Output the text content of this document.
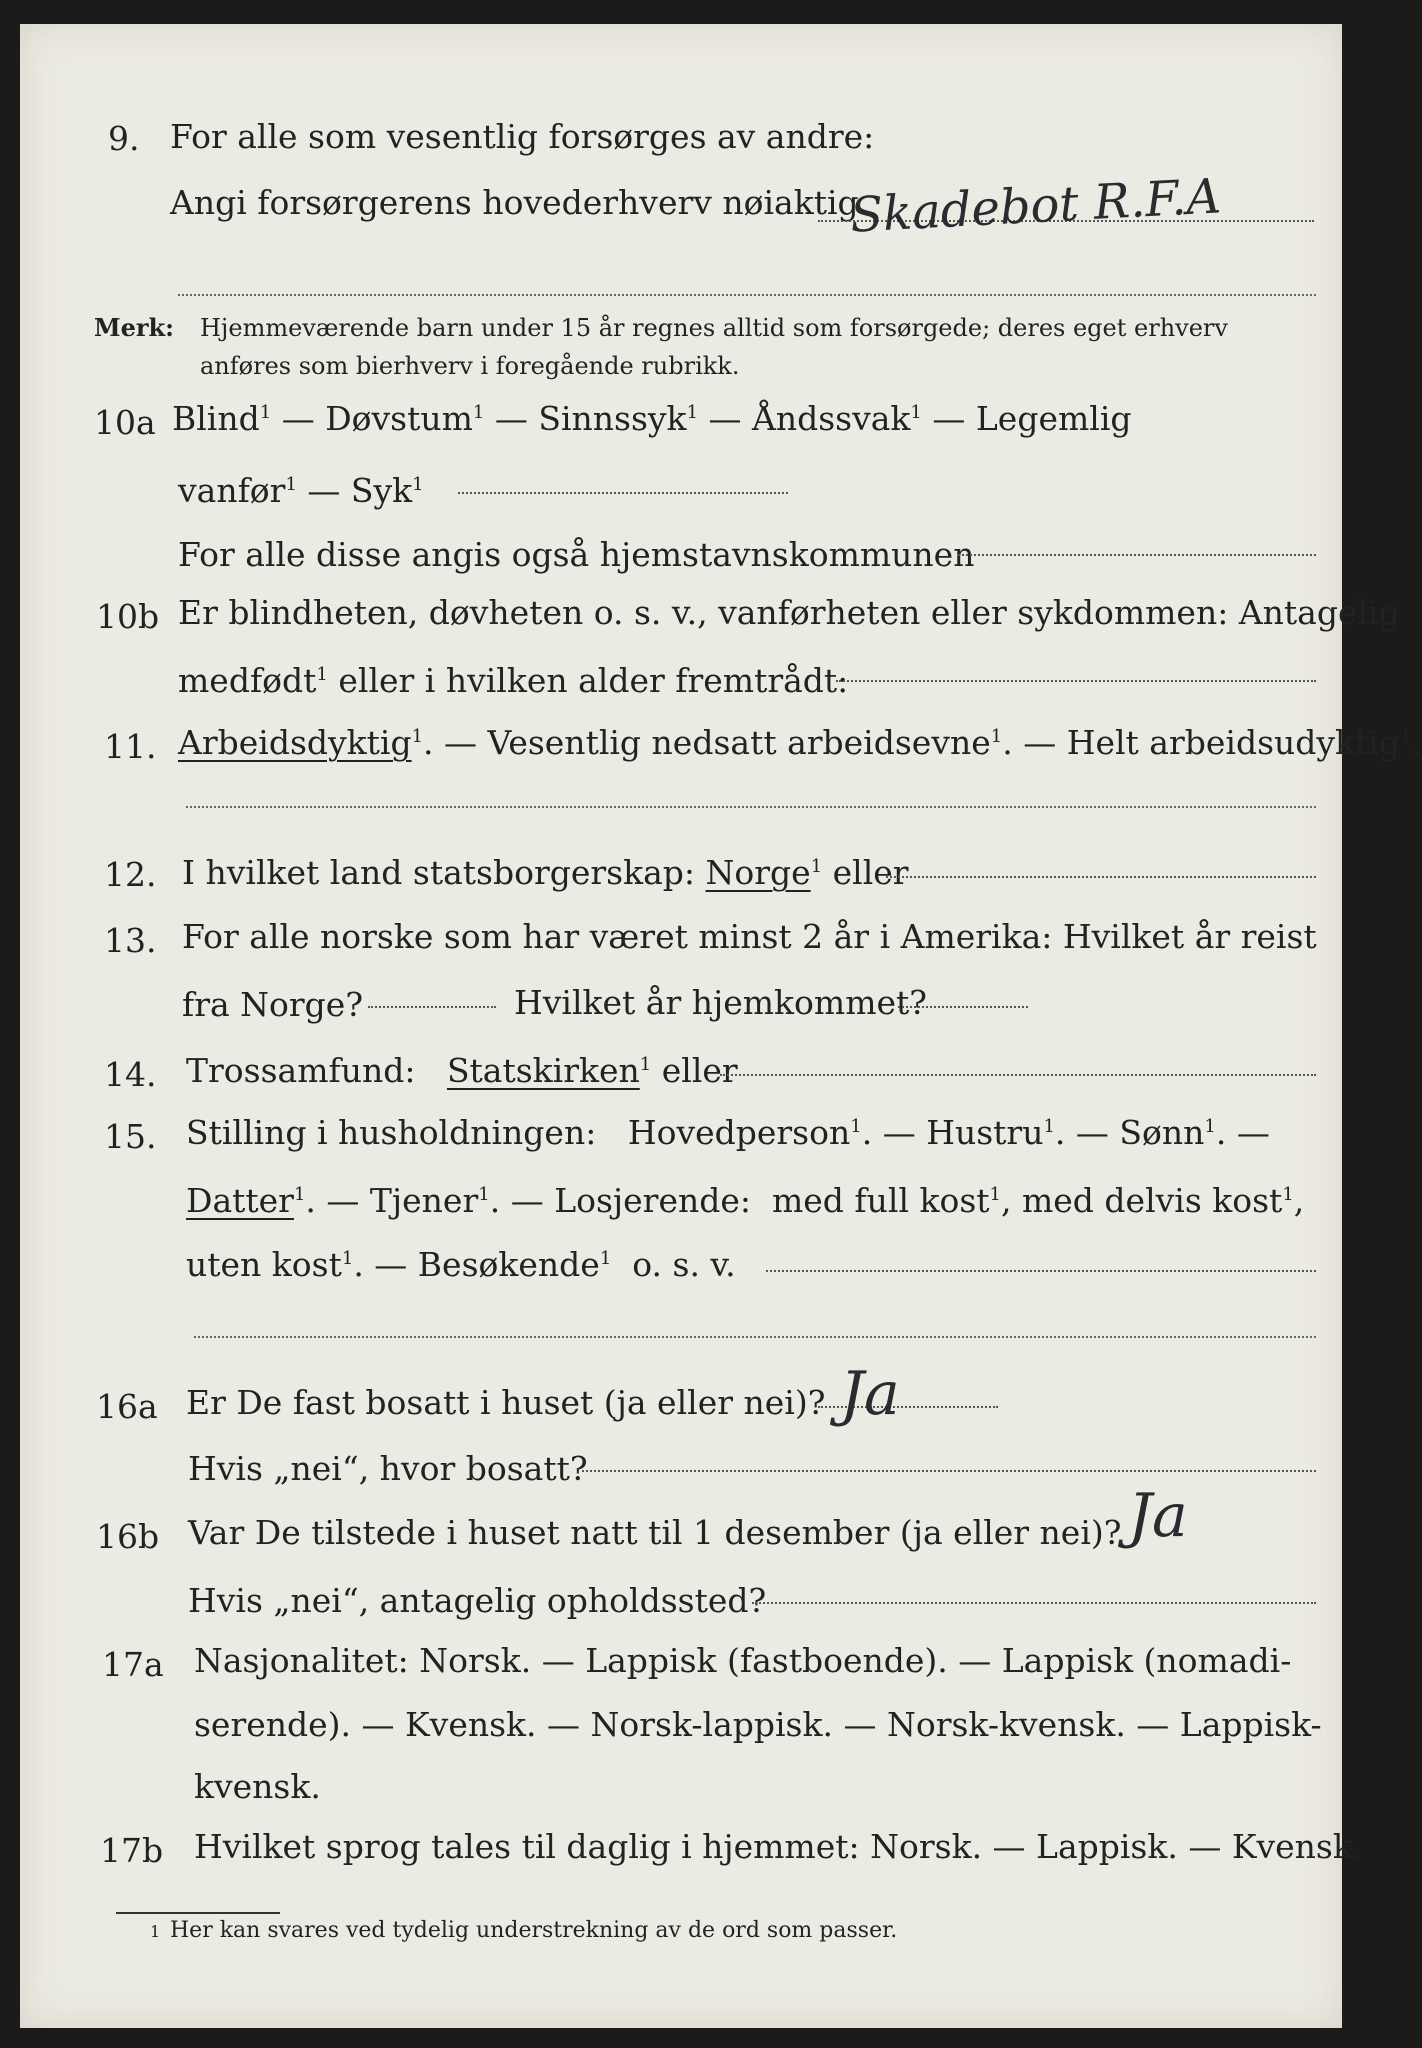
9. For alle som vesentlig forsørges av andre:
Angi forsørgerens hovederhverv nøiaktig
Skadebot R.F.A
Merk: Hjemmeværende barn under 15 år regnes alltid som forsørgede; deres eget erhverv
anføres som bierhverv i foregående rubrikk.
10a Blind$^1$ — Døvstum$^1$ — Sinnssyk$^1$ — Åndssvak$^1$ — Legemlig
vanfør$^1$ — Syk$^1$
For alle disse angis også hjemstavnskommunen
10b Er blindheten, døvheten o. s. v., vanførheten eller sykdommen: Antagelig
medfødt$^1$ eller i hvilken alder fremtrådt:
11. Arbeidsdyktig$^1$. — Vesentlig nedsatt arbeidsevne$^1$. — Helt arbeidsudyktig$^1$.
12. I hvilket land statsborgerskap: Norge$^1$ eller
13. For alle norske som har været minst 2 år i Amerika: Hvilket år reist
fra Norge?	Hvilket år hjemkommet?
14. Trossamfund: Statskirken$^1$ eller
15. Stilling i husholdningen: Hovedperson$^1$. — Hustru$^1$. — Sønn$^1$. —
Datter$^1$. — Tjener$^1$. — Losjerende: med full kost$^1$, med delvis kost$^1$,
uten kost$^1$. — Besøkende$^1$ o. s. v.
16a Er De fast bosatt i huset (ja eller nei)? Ja
Hvis „nei“, hvor bosatt?
16b Var De tilstede i huset natt til 1 desember (ja eller nei)? Ja
Hvis „nei“, antagelig opholdssted?
17a Nasjonalitet: Norsk. — Lappisk (fastboende). — Lappisk (nomadi-
serende). — Kvensk. — Norsk-lappisk. — Norsk-kvensk. — Lappisk-
kvensk.
17b Hvilket sprog tales til daglig i hjemmet: Norsk. — Lappisk. — Kvensk.
1 Her kan svares ved tydelig understrekning av de ord som passer.
